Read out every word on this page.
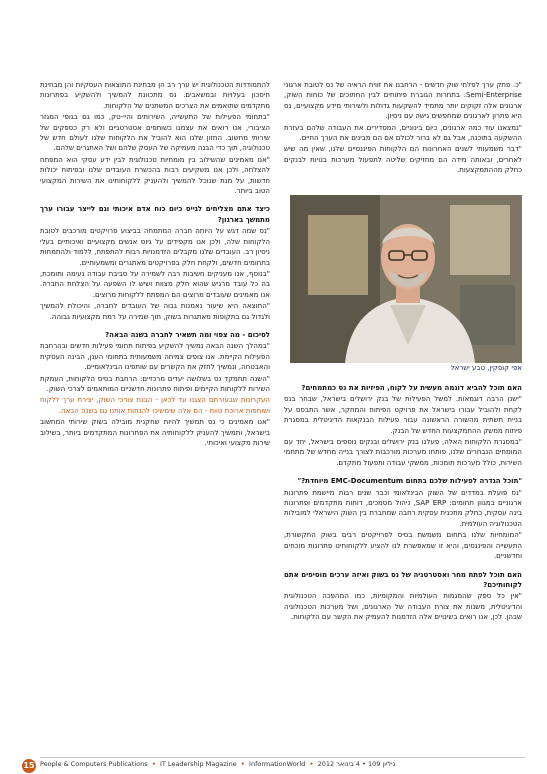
"כ. פתק ערך לפלחי שוק חדשים - הרחבנו את זווית הראיה של נס לטובת ארגוני Semi-Enterprise. בתחרות הגוברת פיתוחים לבין החתוכים של כוחות השוק, ארגונים אלה זקוקים יותר מתמיד להשקעות גדולות ולשירותי מידע מקצועיים, נס היא פתרון לארגונים שמחפשים גישה עם ניסיון.

"נמצאנו עוד כמה ארגונים, כיום בינוניים, המסדירים את העבודה שלהם בעזרת ההשקעה בתוכנה, אבל גם לא ברור לכולם אם הם מבינים את הערך החיים.

"דבר משמעותי לשנים האחרונות הם הלקוחות הפיננסיים שלנו, שאין מה שיש לאחרים, ובאותה מידה הם מחזיקים שליטה לתפעול מערכות בנויות לבנקים כחלק מההתמקצעות.

אפי קופקין, טבע ישראל

האם תוכל להביא דוגמה מעשית על לקוח, הפיזיות את נס כמתמחים?

"ישנן הרבה דוגמאות. למשל הפעילות של בנק ירושלים בישראל, שבחר בנס לקחת ולהוביל עבורו בישראל את פרויקט הפיתוח והמחקר, אשר התבסס על בניית תשתית מהשורה הראשונה עבור פעילות הבנקאות הדיגיטלית במסגרת פיתוח ממשק ההתמקצעות החדש של הבנק.

"במסגרת הלקוחות האלה, פעלנו בנק ירושלים ובנקים נוספים בישראל, יחד עם המומחים הנבחרים שלנו, פותחו מערכות מורכבות לצורך בנייה מחדש של מתחמי השירות, כולל מערכות תומכות, ממשקי עבודה ותפעול מתקדם.

"תוכל הגדרה לפעילות שלכם בתחום EMC-Documentum מיוחדת?"

"נס פועלת במדדים של השוק הבינלאומי וכבר שנים רבות מיישמת פתרונות ארגוניים במגוון תחומים: SAP ERP, ניהול מסמכים, דוחות מתקדמים ופתרונות בינה עסקית, כחלק מתכנית עסקית רחבה שמחברת בין השוק הישראלי למובילות הטכנולוגיה העולמית.

"המומחיות שלנו בתחום משמשת בסיס לפרויקטים רבים בשוק התקשורת, התעשייה והפיננסים, והיא זו שמאפשרת לנו להציע ללקוחותינו פתרונות מוכחים וחדשניים.

האם תוכל לפתח מחר ואסטרטגיה של נס בשוק ואיזה ערכים מוסיפים אתם לקוחותיכם?

"אין כל ספק שהמגמות העולמיות והמקומיות, כמו המהפכה הטכנולוגית והדיגיטלית, משנות את צורת העבודה של הארגונים, ושל מערכות הטכנולוגיה שבהן. לכן, אנו רואים בשינויים אלה הזדמנות להעמיק את הקשר עם הלקוחות.

להתמודדות הטכנולוגית יש ערך רב הן מבחינת התוצאות העסקיות והן מבחינת חיסכון בעלויות ובמשאבים. נס מתכוונת להמשיך ולהשקיע בפתרונות מתקדמים שתואמים את הצרכים המשתנים של הלקוחות.

"בתחומי הפעילות של התעשייה, השירותים והיי-טק, כמו גם בגופי המגזר הציבורי, אנו רואים את עצמנו כשותפים אסטרטגיים ולא רק כספקים של שירותי מחשוב. החזון שלנו הוא להוביל את הלקוחות שלנו לעולם חדש של טכנולוגיה, תוך כדי הבנה מעמיקה של העסק שלהם ושל האתגרים שלהם.

"אנו מאמינים שהשילוב בין מומחיות טכנולוגית לבין ידע עסקי הוא המפתח להצלחה, ולכן אנו משקיעים רבות בהכשרת העובדים שלנו ובפיתוח יכולות חדשות, על מנת שנוכל להמשיך ולהעניק ללקוחותינו את השירות המקצועי הטוב ביותר.

כיצד אתם מצליחים לגייס כיום כוח אדם איכותי וגם לייצר עבורו ערך מתמשך בארגון?

"נס שמה דגש על היותה חברה המתמחה בביצוע פרויקטים מורכבים לטובת הלקוחות שלה, ולכן אנו מקפידים על גיוס אנשים מקצועיים ואיכותיים בעלי ניסיון רב. העובדים שלנו מקבלים הזדמנויות רבות להתפתח, ללמוד ולהתמחות בתחומים חדשים, ולקחת חלק בפרויקטים מאתגרים ומשמעותיים.

"בנוסף, אנו מעניקים חשיבות רבה לשמירה על סביבת עבודה נעימה ותומכת, בה כל עובד מרגיש שהוא חלק מצוות ושיש לו השפעה על הצלחת החברה. אנו מאמינים שעובדים מרוצים הם המפתח ללקוחות מרוצים.

"התוצאה היא שיעור נאמנות גבוה של העובדים לחברה, והיכולת להמשיך ולגדול גם בתקופות מאתגרות בשוק, תוך שמירה על רמת מקצועיות גבוהה.

לסיכום - מה צפוי ומה תשאיר לחברה בשנה הבאה?

"במהלך השנה הבאה נמשיך להשקיע בפיתוח תחומי פעילות חדשים ובהרחבת הפעילות הקיימת. אנו צופים צמיחה משמעותית בתחומי הענן, הבינה העסקית והאבטחה, ונמשיך לחזק את הקשרים עם שותפינו הבינלאומיים.

"השנה תתמקד נס בשלושה יעדים מרכזיים: הרחבת בסיס הלקוחות, העמקת השירות ללקוחות הקיימים ופיתוח פתרונות חדשניים המותאמים לצרכי השוק.

העקרונות שבעזרתם הצגנו עד לכאן - הבנת צורכי השוק, יצירת ערך ללקוח ושותפות ארוכת טווח - הם אלה שימשיכו להנחות אותנו גם בשנה הבאה.

"אנו מאמינים כי נס תמשיך להיות שחקנית מובילה בשוק שירותי המחשוב בישראל, ותמשיך להעניק ללקוחותיה את הפתרונות המתקדמים ביותר, בשילוב שירות מקצועי ואיכותי.

15 People & Computers Publications • IT Leadership Magazine • InformationWorld • גיליון 109 • 4 בינואר 2012
